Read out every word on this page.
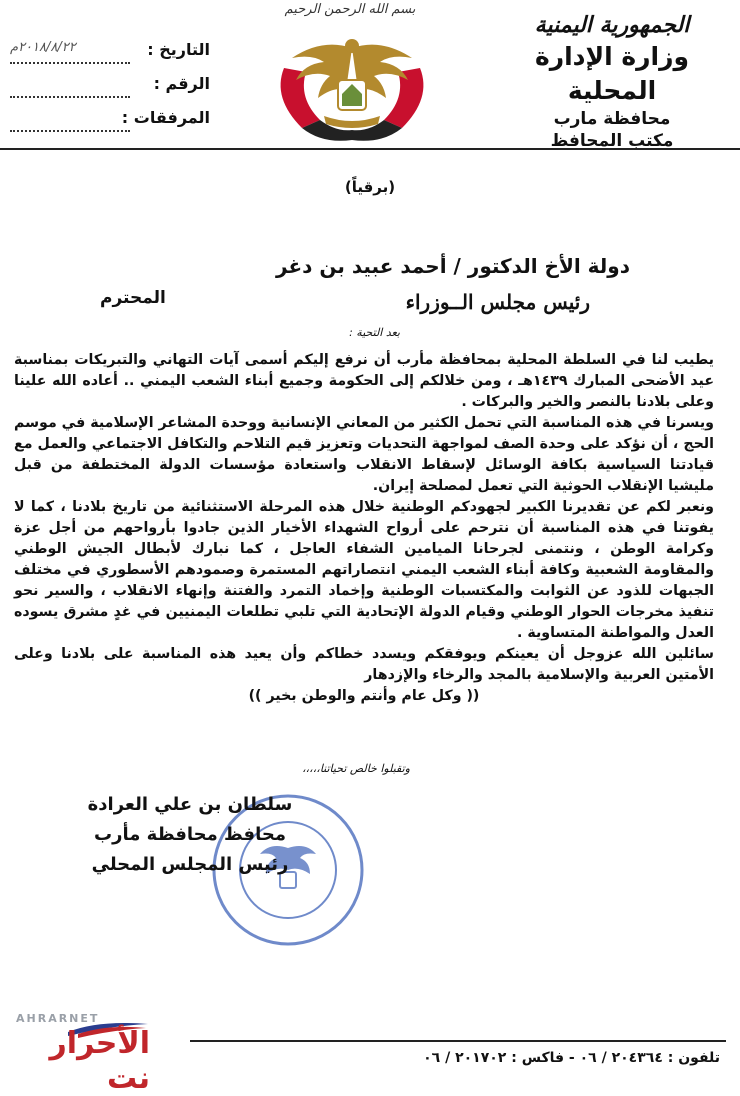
الجمهورية اليمنية
وزارة الإدارة المحلية
محافظة مارب
مكتب المحافظ
بسم الله الرحمن الرحيم
التاريخ :
٢٠١٨/٨/٢٢م
الرقم :
المرفقات :
(برقياً)
دولة الأخ الدكتور / أحمد عبيد بن دغر
رئيس مجلس الــوزراء
المحترم
بعد التحية :

يطيب لنا في السلطة المحلية بمحافظة مأرب أن نرفع إليكم أسمى آيات التهاني والتبريكات بمناسبة عيد الأضحى المبارك ١٤٣٩هـ ، ومن خلالكم إلى الحكومة وجميع أبناء الشعب اليمني .. أعاده الله علينا وعلى بلادنا بالنصر والخير والبركات .

ويسرنا في هذه المناسبة التي تحمل الكثير من المعاني الإنسانية ووحدة المشاعر الإسلامية في موسم الحج ، أن نؤكد على وحدة الصف لمواجهة التحديات وتعزيز قيم التلاحم والتكافل الاجتماعي والعمل مع قيادتنا السياسية بكافة الوسائل لإسقاط الانقلاب واستعادة مؤسسات الدولة المختطفة من قبل مليشيا الإنقلاب الحوثية التي تعمل لمصلحة إيران.

ونعبر لكم عن تقديرنا الكبير لجهودكم الوطنية خلال هذه المرحلة الاستثنائية من تاريخ بلادنا ، كما لا يفوتنا في هذه المناسبة أن نترحم على أرواح الشهداء الأخيار الذين جادوا بأرواحهم من أجل عزة وكرامة الوطن ، ونتمنى لجرحانا الميامين الشفاء العاجل ، كما نبارك لأبطال الجيش الوطني والمقاومة الشعبية وكافة أبناء الشعب اليمني انتصاراتهم المستمرة وصمودهم الأسطوري في مختلف الجبهات للذود عن الثوابت والمكتسبات الوطنية وإخماد التمرد والفتنة وإنهاء الانقلاب ، والسير نحو تنفيذ مخرجات الحوار الوطني وقيام الدولة الإتحادية التي تلبي تطلعات اليمنيين في غدٍ مشرق يسوده العدل والمواطنة المتساوية .

سائلين الله عزوجل أن يعينكم ويوفقكم ويسدد خطاكم وأن يعيد هذه المناسبة على بلادنا وعلى الأمتين العربية والإسلامية بالمجد والرخاء والإزدهار

(( وكل عام وأنتم والوطن بخير ))

وتقبلوا خالص تحياتنا،،،،،
سلطان بن علي العرادة
محافظ محافظة مأرب
رئيس المجلس المحلي
AHRARNET
الأحرار نت
تلفون : ٢٠٤٣٦٤ / ٠٦ - فاكس : ٢٠١٧٠٢ / ٠٦
